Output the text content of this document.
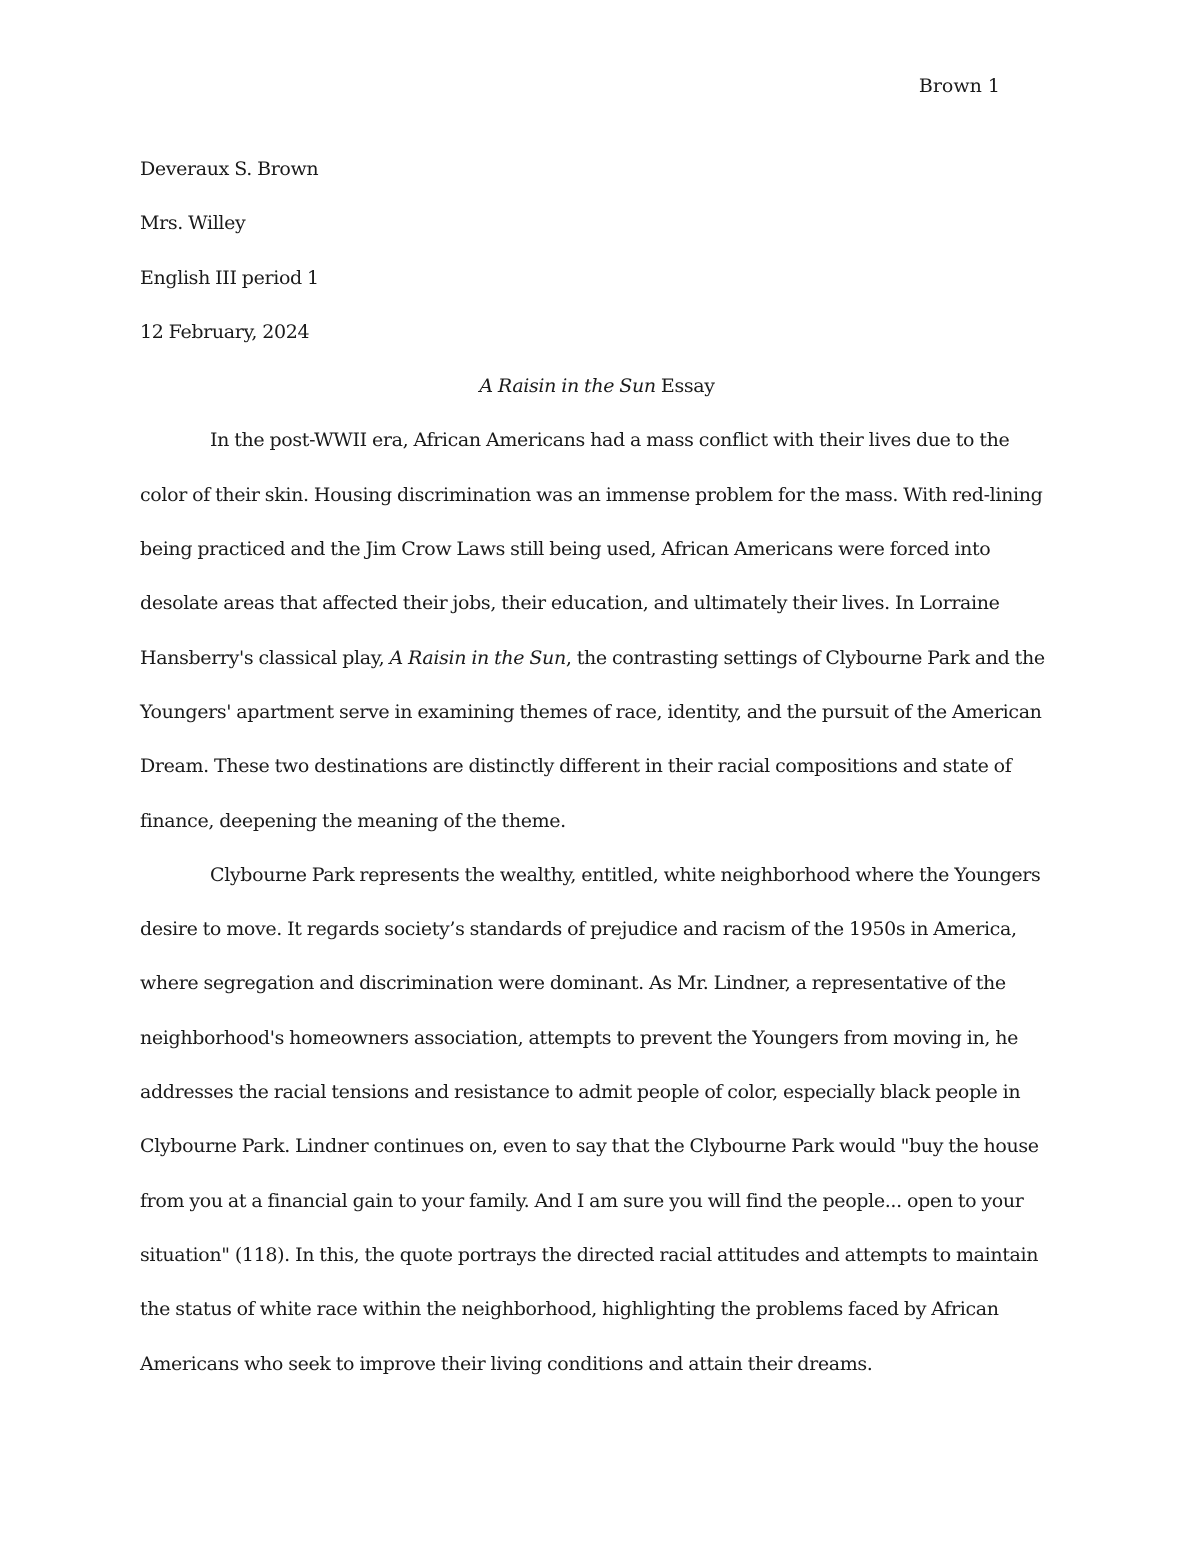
Brown 1
Deveraux S. Brown
Mrs. Willey
English III period 1
12 February, 2024
A Raisin in the Sun Essay

In the post-WWII era, African Americans had a mass conflict with their lives due to the color of their skin. Housing discrimination was an immense problem for the mass. With red-lining being practiced and the Jim Crow Laws still being used, African Americans were forced into desolate areas that affected their jobs, their education, and ultimately their lives. In Lorraine Hansberry's classical play, A Raisin in the Sun, the contrasting settings of Clybourne Park and the Youngers' apartment serve in examining themes of race, identity, and the pursuit of the American Dream. These two destinations are distinctly different in their racial compositions and state of finance, deepening the meaning of the theme.

Clybourne Park represents the wealthy, entitled, white neighborhood where the Youngers desire to move. It regards society’s standards of prejudice and racism of the 1950s in America, where segregation and discrimination were dominant. As Mr. Lindner, a representative of the neighborhood's homeowners association, attempts to prevent the Youngers from moving in, he addresses the racial tensions and resistance to admit people of color, especially black people in Clybourne Park. Lindner continues on, even to say that the Clybourne Park would "buy the house from you at a financial gain to your family. And I am sure you will find the people... open to your situation" (118). In this, the quote portrays the directed racial attitudes and attempts to maintain the status of white race within the neighborhood, highlighting the problems faced by African Americans who seek to improve their living conditions and attain their dreams.
